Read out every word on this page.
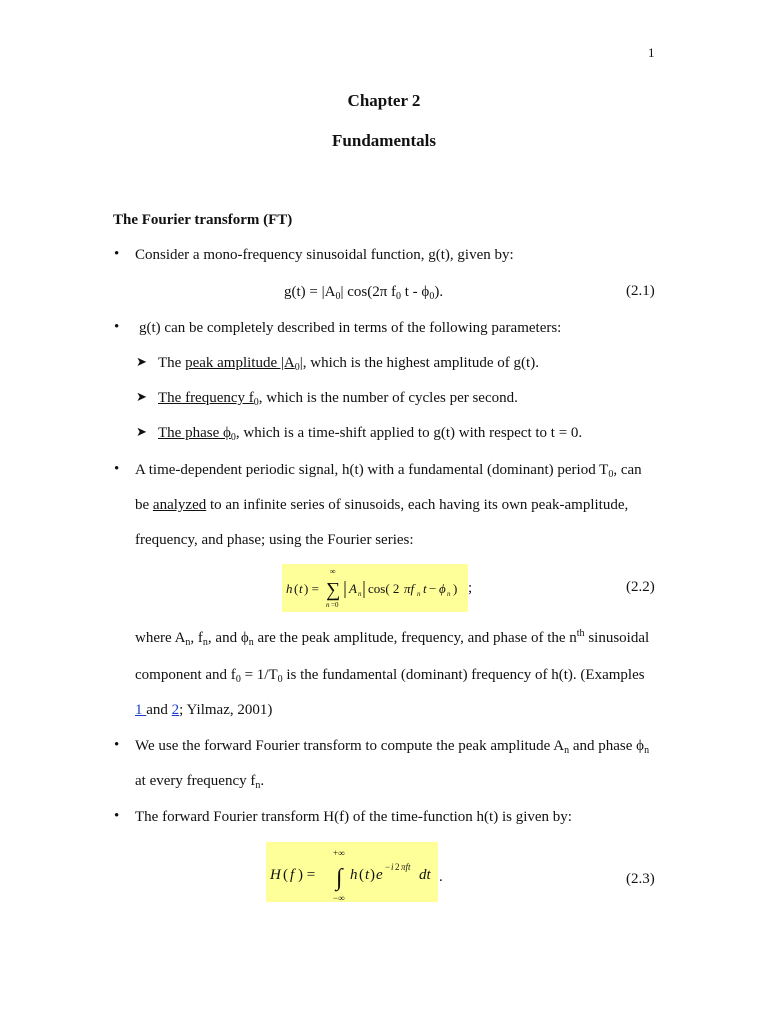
1
Chapter 2
Fundamentals
The Fourier transform (FT)
• Consider a mono-frequency sinusoidal function, g(t), given by:
$g(t) = |A_0|$ cos(2π $f_0$ t - $\phi_0$).	(2.1)
• g(t) can be completely described in terms of the following parameters:
➤ The peak amplitude $|A_0|$, which is the highest amplitude of g(t).
➤ The frequency $f_0$, which is the number of cycles per second.
➤ The phase $\phi_0$, which is a time-shift applied to g(t) with respect to t = 0.
• A time-dependent periodic signal, h(t) with a fundamental (dominant) period $T_0$, can
be analyzed to an infinite series of sinusoids, each having its own peak-amplitude,
frequency, and phase; using the Fourier series:
h ( t ) =
∞
∑
n =0
A n cos( 2 πf n t − ϕ n ) ;	(2.2)
where $A_n$, $f_n$, and $\phi_n$ are the peak amplitude, frequency, and phase of the $n^{th}$ sinusoidal
component and $f_0 = 1/T_0$ is the fundamental (dominant) frequency of h(t). (Examples
1 and 2; Yilmaz, 2001)
• We use the forward Fourier transform to compute the peak amplitude $A_n$ and phase $\phi_n$
at every frequency $f_n$.
• The forward Fourier transform H(f) of the time-function h(t) is given by:
H ( f ) =
+∞
∫
−∞
h ( t ) e − i 2 πft dt .	(2.3)
